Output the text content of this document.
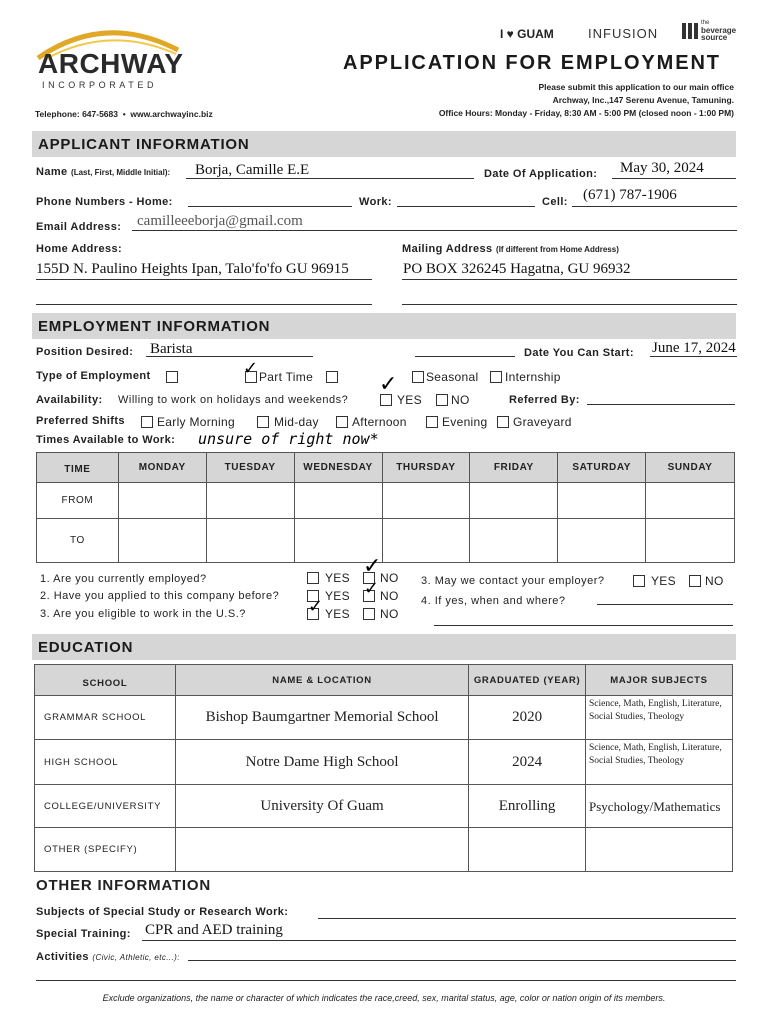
ARCHWAY
INCORPORATED
Telephone: 647-5683  •  www.archwayinc.biz
I ♥ GUAM	INFUSION
the
beverage
source
APPLICATION FOR EMPLOYMENT
Please submit this application to our main office
Archway, Inc.,147 Serenu Avenue, Tamuning.
Office Hours: Monday - Friday, 8:30 AM - 5:00 PM (closed noon - 1:00 PM)
APPLICANT INFORMATION
Name (Last, First, Middle Initial): Borja, Camille E.E	Date Of Application: May 30, 2024
Phone Numbers - Home:	Work:	Cell: (671) 787-1906
Email Address: camilleeeborja@gmail.com
Home Address:
155D N. Paulino Heights Ipan, Talo'fo'fo GU 96915
Mailing Address (If different from Home Address)
PO BOX 326245 Hagatna, GU 96932
EMPLOYMENT INFORMATION
Position Desired: Barista	Date You Can Start: June 17, 2024
Type of Employment	✓ Part Time	Seasonal Internship
Availability: Willing to work on holidays and weekends?
✓
YES NO	Referred By:
Preferred Shifts	Early Morning	Mid-day	Afternoon	Evening Graveyard
Times Available to Work: unsure of right now*
TIME	MONDAY	TUESDAY	WEDNESDAY	THURSDAY	FRIDAY	SATURDAY	SUNDAY
FROM							
TO							
1. Are you currently employed?	YES ✓
NO
2. Have you applied to this company before?	YES ✓ NO
3. Are you eligible to work in the U.S.?	✓ YES	NO
3. May we contact your employer?	YES NO
4. If yes, when and where?
EDUCATION
SCHOOL	NAME & LOCATION	GRADUATED (YEAR)	MAJOR SUBJECTS
GRAMMAR SCHOOL	Bishop Baumgartner Memorial School	2020	Science, Math, English, Literature, Social Studies, Theology
HIGH SCHOOL	Notre Dame High School	2024	Science, Math, English, Literature, Social Studies, Theology
COLLEGE/UNIVERSITY	University Of Guam	Enrolling	Psychology/Mathematics
OTHER (SPECIFY)			
OTHER INFORMATION
Subjects of Special Study or Research Work:
Special Training: CPR and AED training
Activities (Civic, Athletic, etc...):
Exclude organizations, the name or character of which indicates the race,creed, sex, marital status, age, color or nation origin of its members.
